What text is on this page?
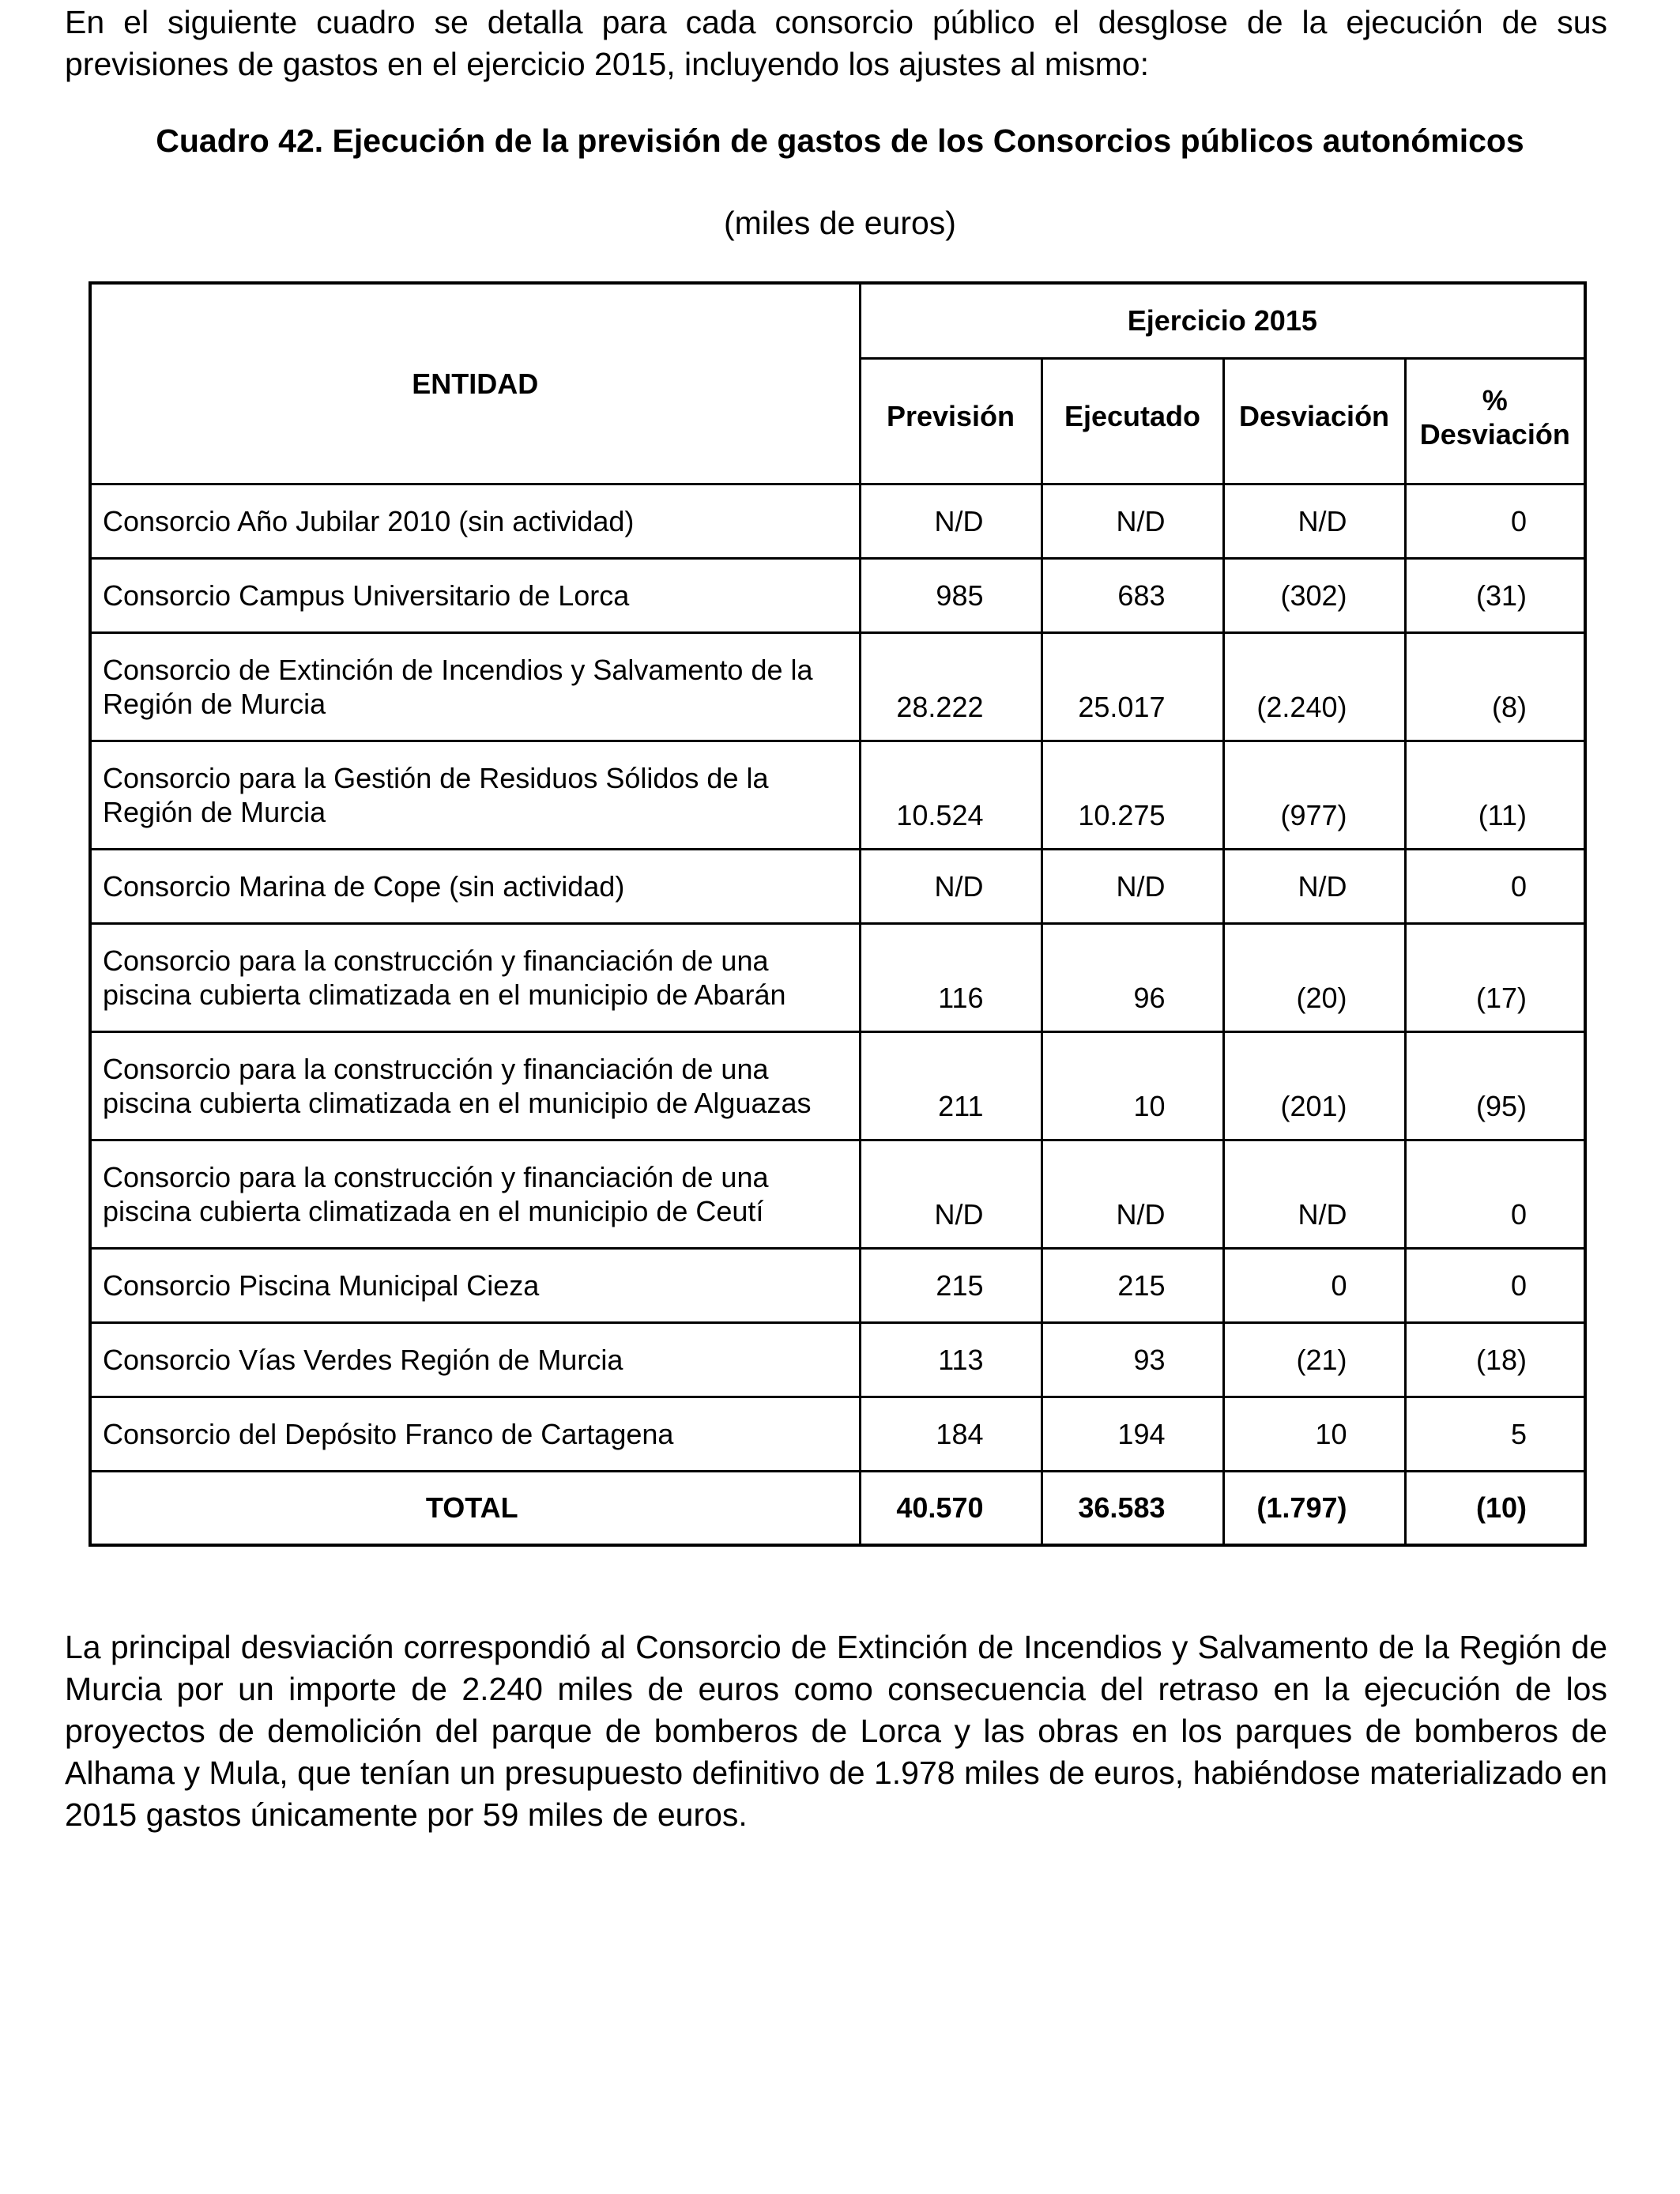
En el siguiente cuadro se detalla para cada consorcio público el desglose de la ejecución de sus previsiones de gastos en el ejercicio 2015, incluyendo los ajustes al mismo:

Cuadro 42. Ejecución de la previsión de gastos de los Consorcios públicos autonómicos

(miles de euros)

ENTIDAD	Ejercicio 2015			
	Previsión	Ejecutado	Desviación	% Desviación
Consorcio Año Jubilar 2010 (sin actividad)	N/D	N/D	N/D	0
Consorcio Campus Universitario de Lorca	985	683	(302)	(31)
Consorcio de Extinción de Incendios y Salvamento de la Región de Murcia	28.222	25.017	(2.240)	(8)
Consorcio para la Gestión de Residuos Sólidos de la Región de Murcia	10.524	10.275	(977)	(11)
Consorcio Marina de Cope (sin actividad)	N/D	N/D	N/D	0
Consorcio para la construcción y financiación de una piscina cubierta climatizada en el municipio de Abarán	116	96	(20)	(17)
Consorcio para la construcción y financiación de una piscina cubierta climatizada en el municipio de Alguazas	211	10	(201)	(95)
Consorcio para la construcción y financiación de una piscina cubierta climatizada en el municipio de Ceutí	N/D	N/D	N/D	0
Consorcio Piscina Municipal Cieza	215	215	0	0
Consorcio Vías Verdes Región de Murcia	113	93	(21)	(18)
Consorcio del Depósito Franco de Cartagena	184	194	10	5
TOTAL	40.570	36.583	(1.797)	(10)

La principal desviación correspondió al Consorcio de Extinción de Incendios y Salvamento de la Región de Murcia por un importe de 2.240 miles de euros como consecuencia del retraso en la ejecución de los proyectos de demolición del parque de bomberos de Lorca y las obras en los parques de bomberos de Alhama y Mula, que tenían un presupuesto definitivo de 1.978 miles de euros, habiéndose materializado en 2015 gastos únicamente por 59 miles de euros.
